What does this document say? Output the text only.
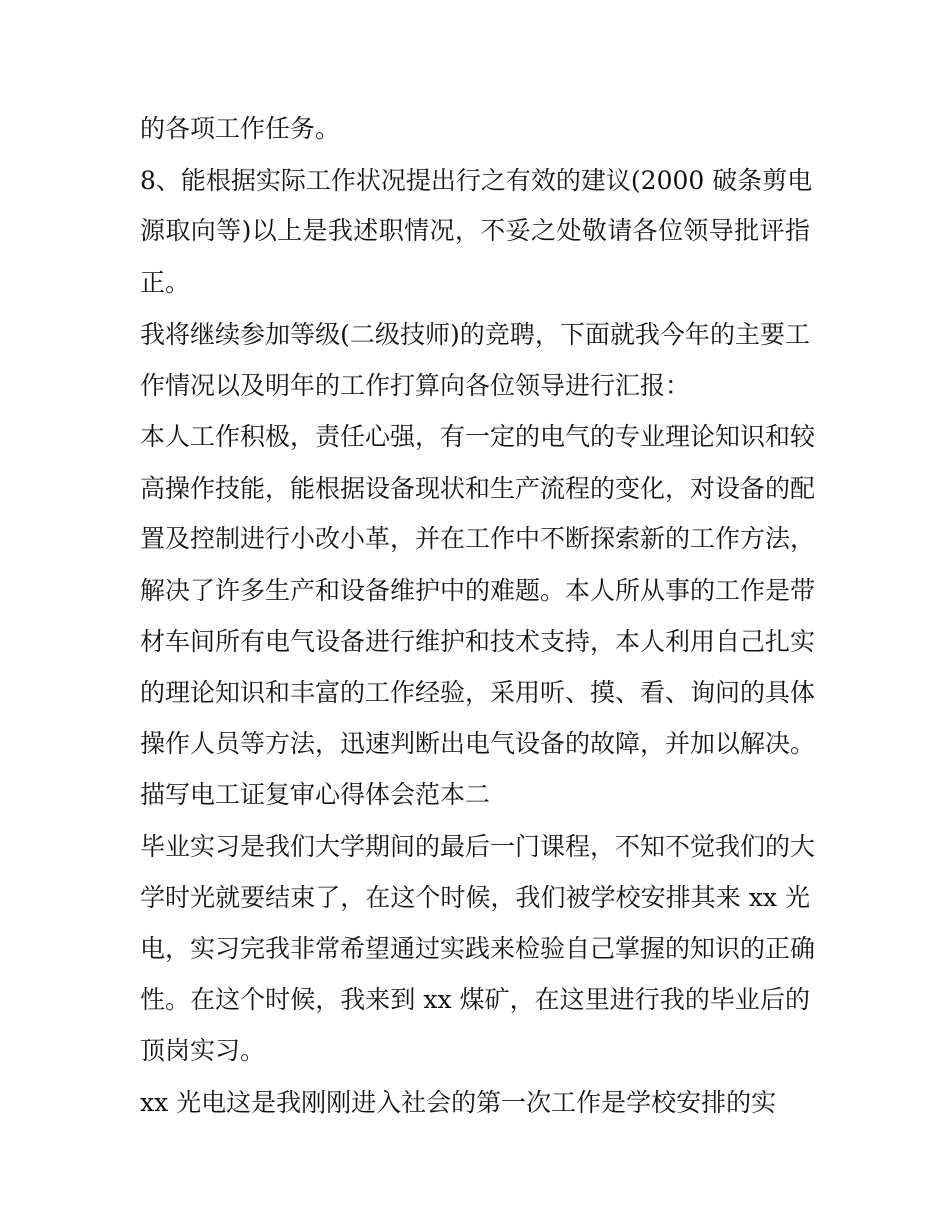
的各项工作任务。
8、能根据实际工作状况提出行之有效的建议(2000 破条剪电
源取向等)以上是我述职情况，不妥之处敬请各位领导批评指
正。
我将继续参加等级(二级技师)的竞聘，下面就我今年的主要工
作情况以及明年的工作打算向各位领导进行汇报：
本人工作积极，责任心强，有一定的电气的专业理论知识和较
高操作技能，能根据设备现状和生产流程的变化，对设备的配
置及控制进行小改小革，并在工作中不断探索新的工作方法，
解决了许多生产和设备维护中的难题。本人所从事的工作是带
材车间所有电气设备进行维护和技术支持，本人利用自己扎实
的理论知识和丰富的工作经验，采用听、摸、看、询问的具体
操作人员等方法，迅速判断出电气设备的故障，并加以解决。
描写电工证复审心得体会范本二
毕业实习是我们大学期间的最后一门课程，不知不觉我们的大
学时光就要结束了，在这个时候，我们被学校安排其来 xx 光
电，实习完我非常希望通过实践来检验自己掌握的知识的正确
性。在这个时候，我来到 xx 煤矿，在这里进行我的毕业后的
顶岗实习。
xx 光电这是我刚刚进入社会的第一次工作是学校安排的实
